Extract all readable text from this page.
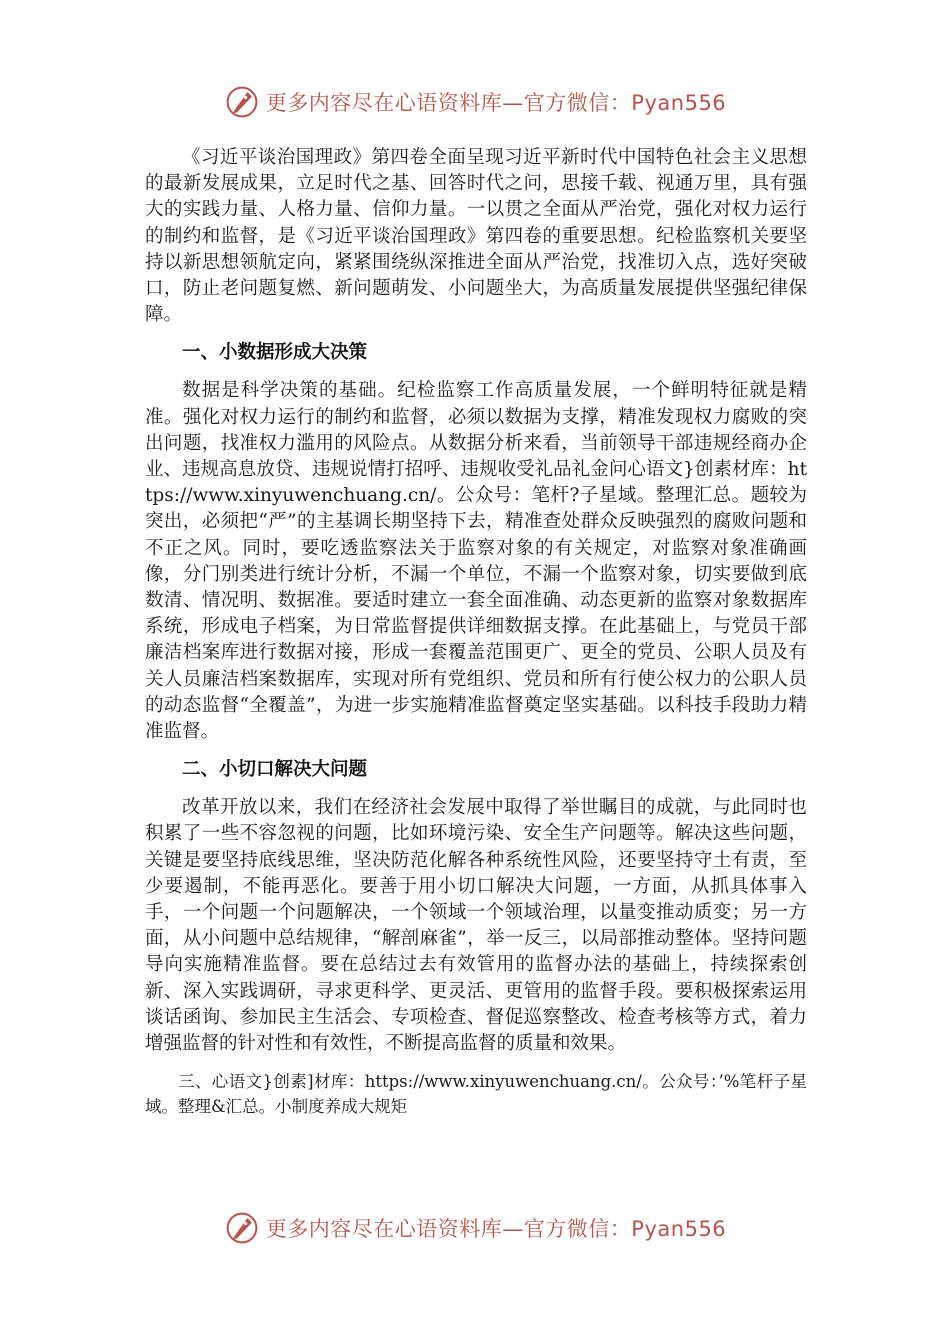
更多内容尽在心语资料库—官方微信：Pyan556

《习近平谈治国理政》第四卷全面呈现习近平新时代中国特色社会主义思想的最新发展成果，立足时代之基、回答时代之问，思接千载、视通万里，具有强大的实践力量、人格力量、信仰力量。一以贯之全面从严治党，强化对权力运行的制约和监督，是《习近平谈治国理政》第四卷的重要思想。纪检监察机关要坚持以新思想领航定向，紧紧围绕纵深推进全面从严治党，找准切入点，选好突破口，防止老问题复燃、新问题萌发、小问题坐大，为高质量发展提供坚强纪律保障。

一、小数据形成大决策

数据是科学决策的基础。纪检监察工作高质量发展，一个鲜明特征就是精准。强化对权力运行的制约和监督，必须以数据为支撑，精准发现权力腐败的突出问题，找准权力滥用的风险点。从数据分析来看，当前领导干部违规经商办企业、违规高息放贷、违规说情打招呼、违规收受礼品礼金问心语文}创素材库：https://www.xinyuwenchuang.cn/。公众号：笔杆?子星域。整理汇总。题较为突出，必须把“严”的主基调长期坚持下去，精准查处群众反映强烈的腐败问题和不正之风。同时，要吃透监察法关于监察对象的有关规定，对监察对象准确画像，分门别类进行统计分析，不漏一个单位，不漏一个监察对象，切实要做到底数清、情况明、数据准。要适时建立一套全面准确、动态更新的监察对象数据库系统，形成电子档案，为日常监督提供详细数据支撑。在此基础上，与党员干部廉洁档案库进行数据对接，形成一套覆盖范围更广、更全的党员、公职人员及有关人员廉洁档案数据库，实现对所有党组织、党员和所有行使公权力的公职人员的动态监督“全覆盖”，为进一步实施精准监督奠定坚实基础。以科技手段助力精准监督。

二、小切口解决大问题

改革开放以来，我们在经济社会发展中取得了举世瞩目的成就，与此同时也积累了一些不容忽视的问题，比如环境污染、安全生产问题等。解决这些问题，关键是要坚持底线思维，坚决防范化解各种系统性风险，还要坚持守土有责，至少要遏制，不能再恶化。要善于用小切口解决大问题，一方面，从抓具体事入手，一个问题一个问题解决，一个领域一个领域治理，以量变推动质变；另一方面，从小问题中总结规律，“解剖麻雀”，举一反三，以局部推动整体。坚持问题导向实施精准监督。要在总结过去有效管用的监督办法的基础上，持续探索创新、深入实践调研，寻求更科学、更灵活、更管用的监督手段。要积极探索运用谈话函询、参加民主生活会、专项检查、督促巡察整改、检查考核等方式，着力增强监督的针对性和有效性，不断提高监督的质量和效果。

三、心语文}创素]材库：https://www.xinyuwenchuang.cn/。公众号：’%笔杆子星域。整理&汇总。小制度养成大规矩

更多内容尽在心语资料库—官方微信：Pyan556
